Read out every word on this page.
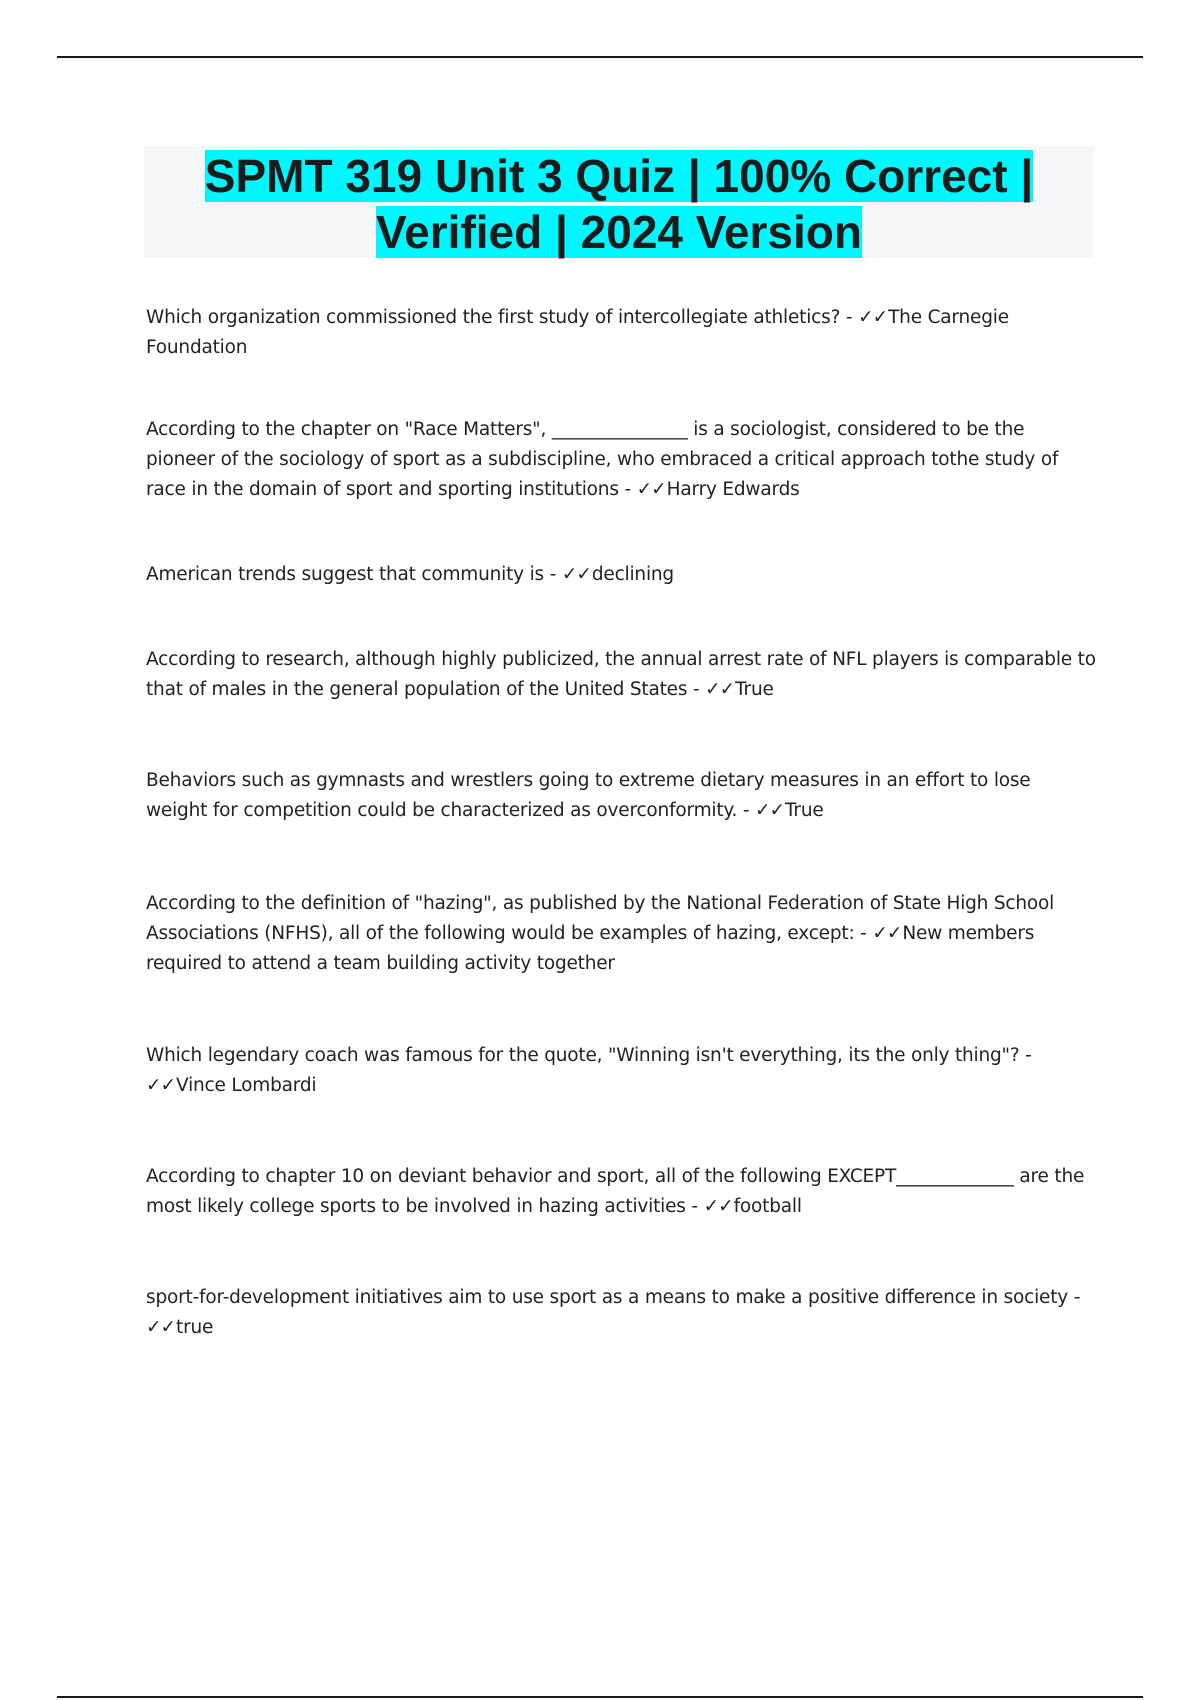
SPMT 319 Unit 3 Quiz | 100% Correct | Verified | 2024 Version
Which organization commissioned the first study of intercollegiate athletics? - ✓✓The Carnegie Foundation
According to the chapter on "Race Matters", _______________ is a sociologist, considered to be the pioneer of the sociology of sport as a subdiscipline, who embraced a critical approach tothe study of race in the domain of sport and sporting institutions - ✓✓Harry Edwards
American trends suggest that community is - ✓✓declining
According to research, although highly publicized, the annual arrest rate of NFL players is comparable to that of males in the general population of the United States - ✓✓True
Behaviors such as gymnasts and wrestlers going to extreme dietary measures in an effort to lose weight for competition could be characterized as overconformity. - ✓✓True
According to the definition of "hazing", as published by the National Federation of State High School Associations (NFHS), all of the following would be examples of hazing, except: - ✓✓New members required to attend a team building activity together
Which legendary coach was famous for the quote, "Winning isn't everything, its the only thing"? - ✓✓Vince Lombardi
According to chapter 10 on deviant behavior and sport, all of the following EXCEPT_____________ are the most likely college sports to be involved in hazing activities - ✓✓football
sport-for-development initiatives aim to use sport as a means to make a positive difference in society - ✓✓true
